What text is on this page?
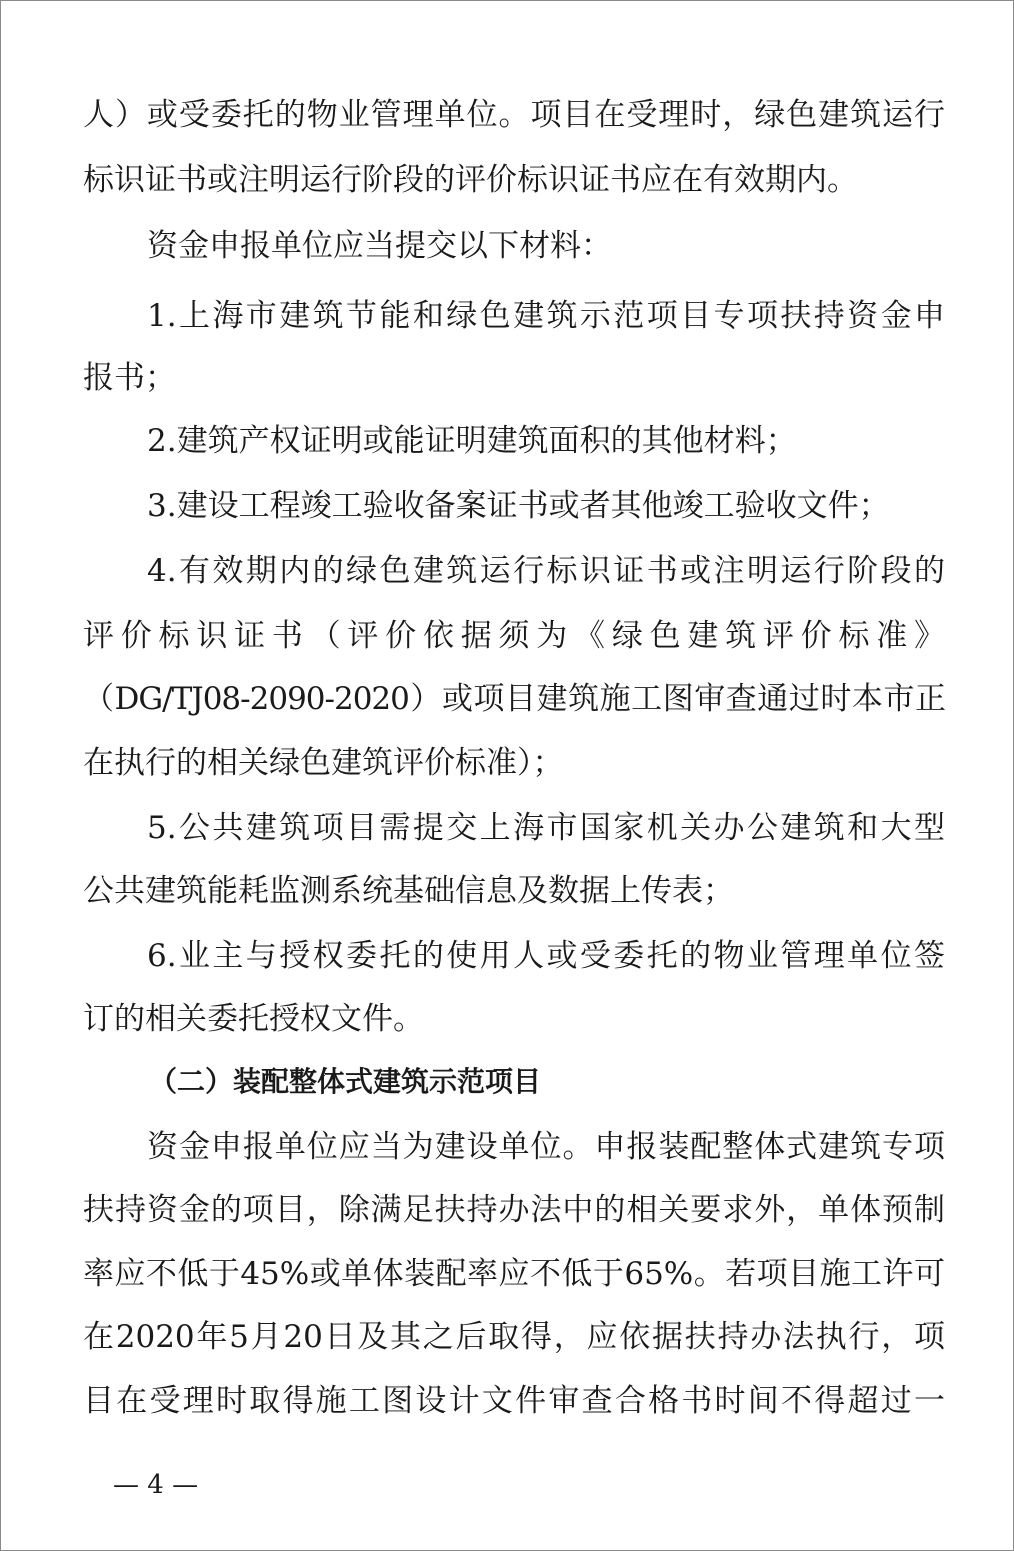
人）或受委托的物业管理单位。项目在受理时，绿色建筑运行
标识证书或注明运行阶段的评价标识证书应在有效期内。
资金申报单位应当提交以下材料：
1.上海市建筑节能和绿色建筑示范项目专项扶持资金申
报书；
2.建筑产权证明或能证明建筑面积的其他材料；
3.建设工程竣工验收备案证书或者其他竣工验收文件；
4.有效期内的绿色建筑运行标识证书或注明运行阶段的
评价标识证书（评价依据须为《绿色建筑评价标准》
（DG/TJ08-2090-2020）或项目建筑施工图审查通过时本市正
在执行的相关绿色建筑评价标准）；
5.公共建筑项目需提交上海市国家机关办公建筑和大型
公共建筑能耗监测系统基础信息及数据上传表；
6.业主与授权委托的使用人或受委托的物业管理单位签
订的相关委托授权文件。
（二）装配整体式建筑示范项目
资金申报单位应当为建设单位。申报装配整体式建筑专项
扶持资金的项目，除满足扶持办法中的相关要求外，单体预制
率应不低于45%或单体装配率应不低于65%。若项目施工许可
在2020年5月20日及其之后取得，应依据扶持办法执行，项
目在受理时取得施工图设计文件审查合格书时间不得超过一
— 4 —
